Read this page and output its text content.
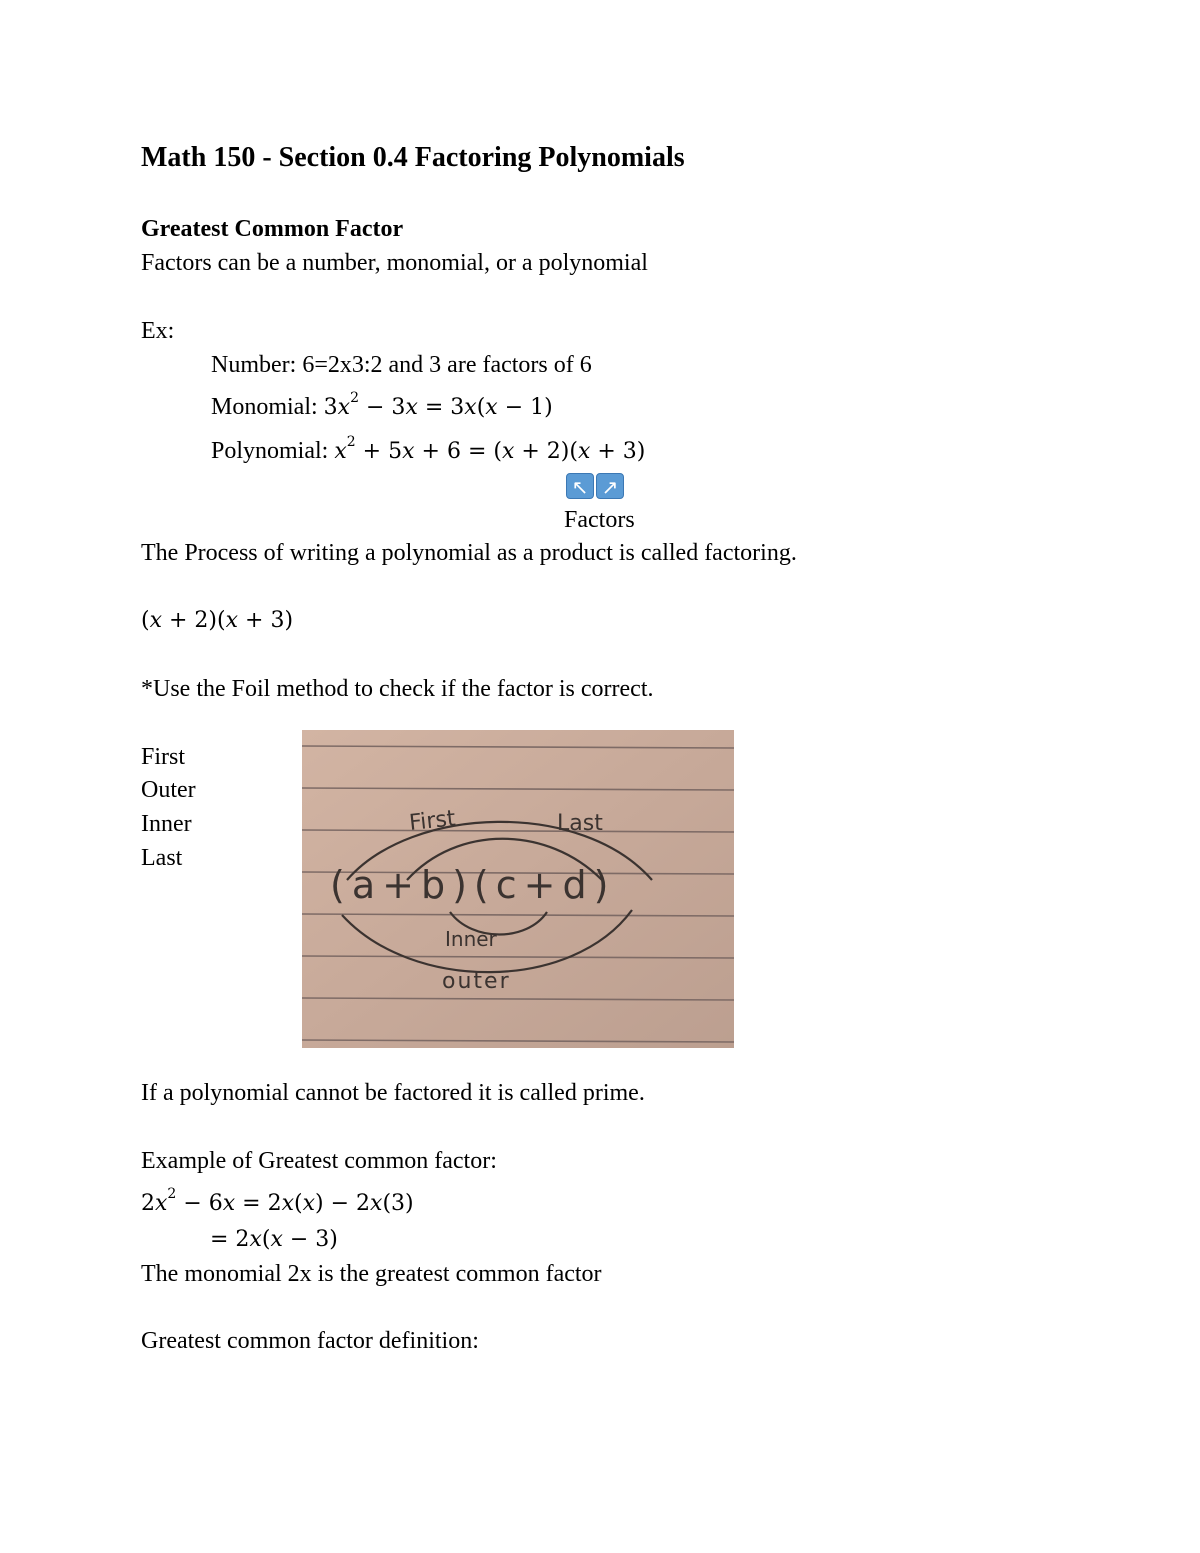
Math 150 - Section 0.4 Factoring Polynomials
Greatest Common Factor
Factors can be a number, monomial, or a polynomial
Ex:
Number: 6=2x3:2 and 3 are factors of 6
Monomial: $3x^2 - 3x = 3x(x - 1)$
Polynomial: $x^2 + 5x + 6 = (x + 2)(x + 3)$
↖ ↗
Factors
The Process of writing a polynomial as a product is called factoring.
(x + 2)(x + 3)
*Use the Foil method to check if the factor is correct.
First
Outer
Inner
Last
First	Last
(a+b)(c+d)
Inner
outer
If a polynomial cannot be factored it is called prime.
Example of Greatest common factor:
$2x^2 - 6x = 2x(x) - 2x(3)$
= 2x(x − 3)
The monomial 2x is the greatest common factor
Greatest common factor definition:
